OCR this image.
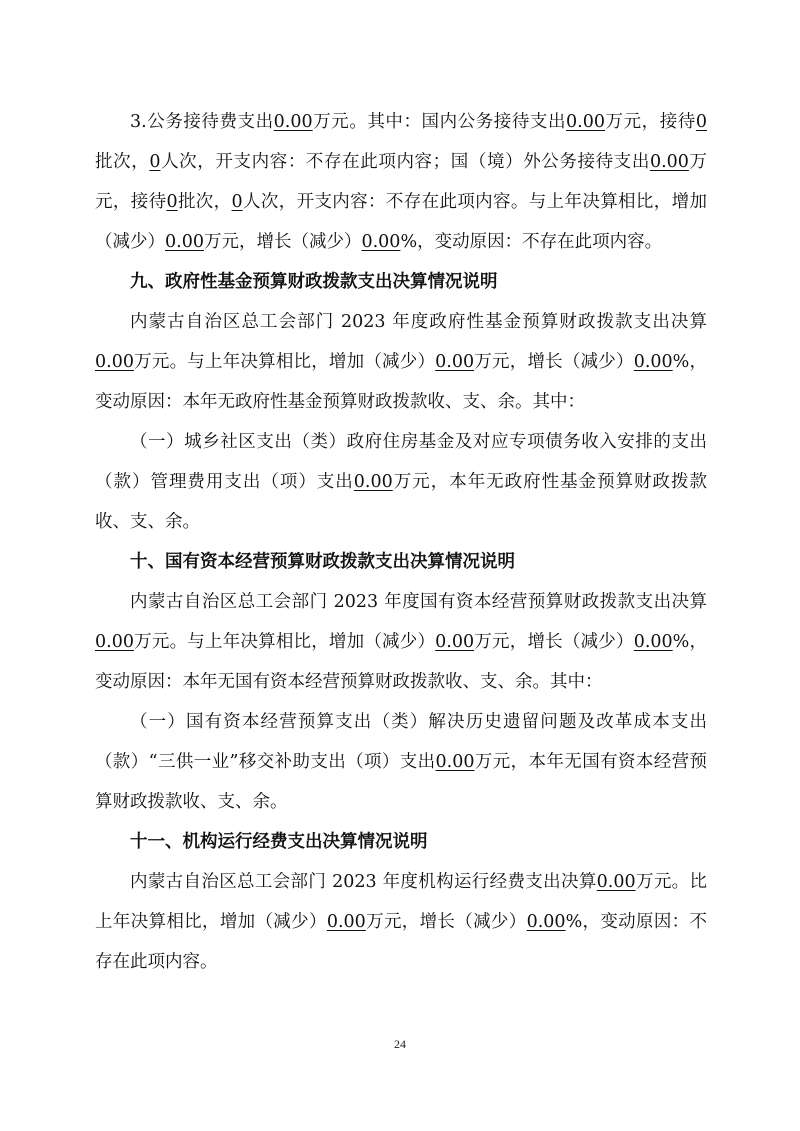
3.公务接待费支出0.00万元。其中：国内公务接待支出0.00万元，接待0批次，0人次，开支内容：不存在此项内容；国（境）外公务接待支出0.00万元，接待0批次，0人次，开支内容：不存在此项内容。与上年决算相比，增加（减少）0.00万元，增长（减少）0.00%，变动原因：不存在此项内容。

九、政府性基金预算财政拨款支出决算情况说明

内蒙古自治区总工会部门 2023 年度政府性基金预算财政拨款支出决算0.00万元。与上年决算相比，增加（减少）0.00万元，增长（减少）0.00%，变动原因：本年无政府性基金预算财政拨款收、支、余。其中：

（一）城乡社区支出（类）政府住房基金及对应专项债务收入安排的支出（款）管理费用支出（项）支出0.00万元，本年无政府性基金预算财政拨款收、支、余。

十、国有资本经营预算财政拨款支出决算情况说明

内蒙古自治区总工会部门 2023 年度国有资本经营预算财政拨款支出决算0.00万元。与上年决算相比，增加（减少）0.00万元，增长（减少）0.00%，变动原因：本年无国有资本经营预算财政拨款收、支、余。其中：

（一）国有资本经营预算支出（类）解决历史遗留问题及改革成本支出（款）“三供一业”移交补助支出（项）支出0.00万元，本年无国有资本经营预算财政拨款收、支、余。

十一、机构运行经费支出决算情况说明

内蒙古自治区总工会部门 2023 年度机构运行经费支出决算0.00万元。比上年决算相比，增加（减少）0.00万元，增长（减少）0.00%，变动原因：不存在此项内容。

24
